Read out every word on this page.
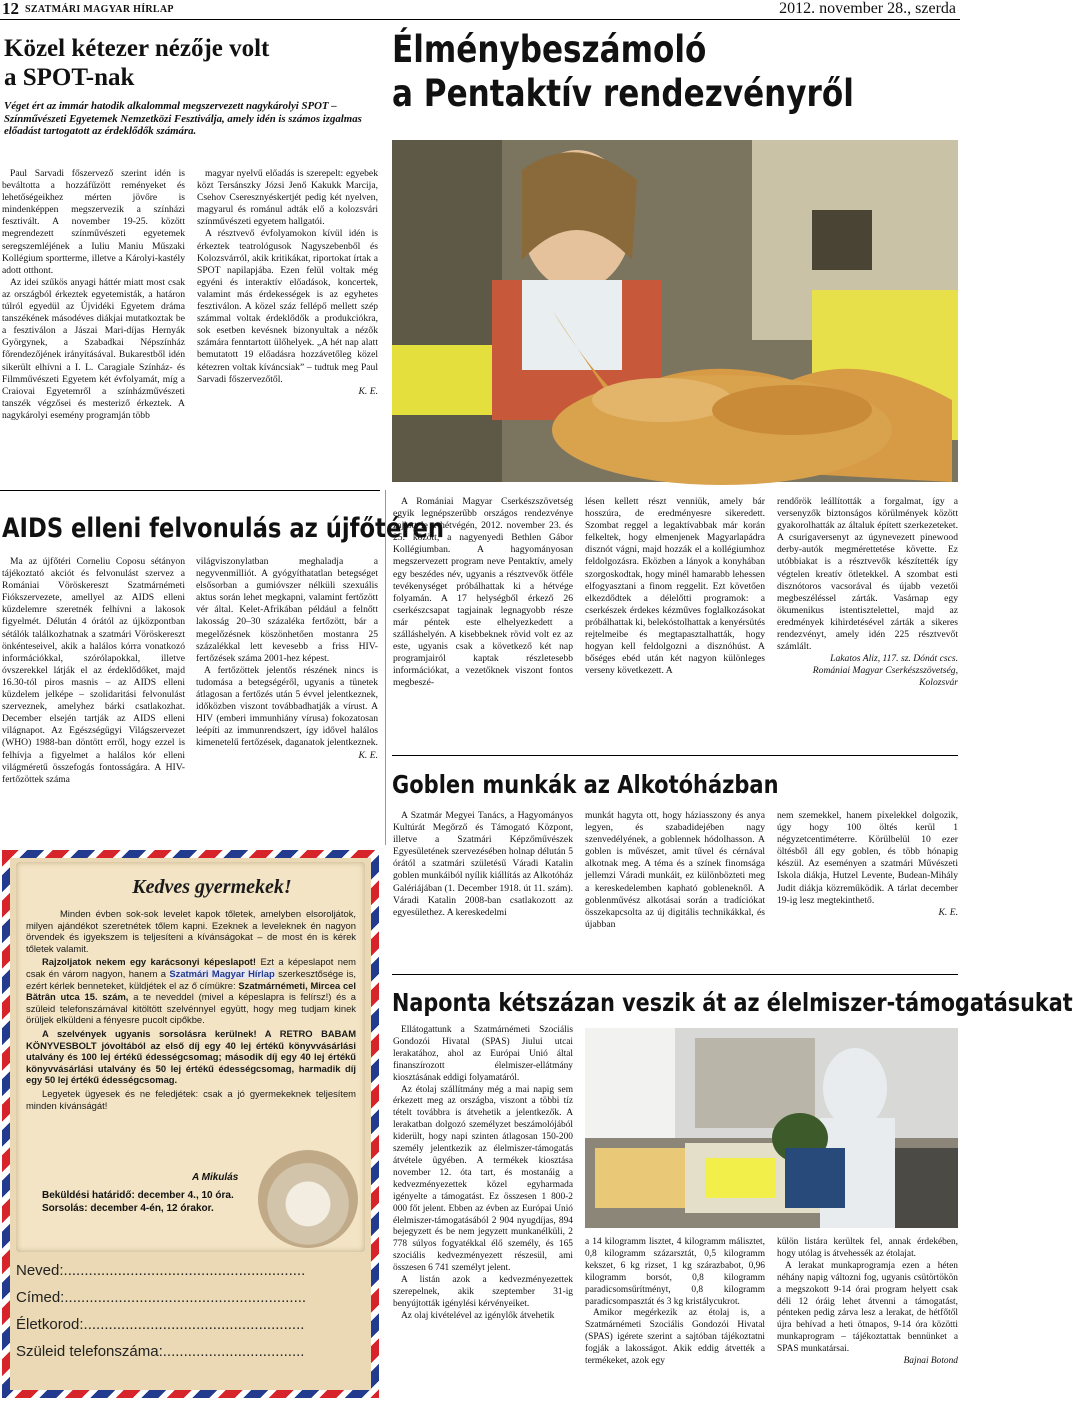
12 SZATMÁRI MAGYAR HÍRLAP	2012. november 28., szerda
Közel kétezer nézője volt
a SPOT-nak
Véget ért az immár hatodik alkalommal megszervezett nagykárolyi SPOT – Színművészeti Egyetemek Nemzetközi Fesztiválja, amely idén is számos izgalmas előadást tartogatott az érdeklődők számára.

Paul Sarvadi főszervező szerint idén is beváltotta a hozzáfűzött reményeket és lehetőségeikhez mérten jövőre is mindenképpen megszervezik a színházi fesztivált. A november 19-25. között megrendezett színművészeti egyetemek seregszemléjének a Iuliu Maniu Műszaki Kollégium sportterme, illetve a Károlyi-kastély adott otthont.

Az idei szűkös anyagi háttér miatt most csak az országból érkeztek egyetemisták, a határon túlról egyedül az Újvidéki Egyetem dráma tanszékének másodéves diákjai mutatkoztak be a fesztiválon a Jászai Mari-díjas Hernyák Györgynek, a Szabadkai Népszínház főrendezőjének irányításával. Bukarestből idén sikerült elhívni a I. L. Caragiale Színház- és Filmművészeti Egyetem két évfolyamát, míg a Craiovai Egyetemről a színházművészeti tanszék végzősei és mesteriző érkeztek. A nagykárolyi esemény programján több

magyar nyelvű előadás is szerepelt: egyebek közt Tersánszky Józsi Jenő Kakukk Marcija, Csehov Cseresznyéskertjét pedig két nyelven, magyarul és románul adták elő a kolozsvári színművészeti egyetem hallgatói.

A résztvevő évfolyamokon kívül idén is érkeztek teatrológusok Nagyszebenből és Kolozsvárról, akik kritikákat, riportokat írtak a SPOT napilapjába. Ezen felül voltak még egyéni és interaktív előadások, koncertek, valamint más érdekességek is az egyhetes fesztiválon. A közel száz fellépő mellett szép számmal voltak érdeklődők a produkciókra, sok esetben kevésnek bizonyultak a nézők számára fenntartott ülőhelyek. „A hét nap alatt bemutatott 19 előadásra hozzávetőleg közel kétezren voltak kíváncsiak” – tudtuk meg Paul Sarvadi főszervezőtől.

K. E.
Élménybeszámoló
a Pentaktív rendezvényről

A Romániai Magyar Cserkészszövetség egyik legnépszerűbb országos rendezvénye zajlott le a hétvégén, 2012. november 23. és 25. között, a nagyenyedi Bethlen Gábor Kollégiumban. A hagyományosan megszervezett program neve Pentaktív, amely egy beszédes név, ugyanis a résztvevők ötféle tevékenységet próbálhattak ki a hétvége folyamán. A 17 helységből érkező 26 cserkészcsapat tagjainak legnagyobb része már péntek este elhelyezkedett a szálláshelyén. A kisebbeknek rövid volt ez az este, ugyanis csak a következő két nap programjairól kaptak részletesebb információkat, a vezetőknek viszont fontos megbeszé-

lésen kellett részt venniük, amely bár hosszúra, de eredményesre sikeredett. Szombat reggel a legaktívabbak már korán felkeltek, hogy elmenjenek Magyarlapádra disznót vágni, majd hozzák el a kollégiumhoz feldolgozásra. Eközben a lányok a konyhában szorgoskodtak, hogy minél hamarabb lehessen elfogyasztani a finom reggelit. Ezt követően elkezdődtek a délelőtti programok: a cserkészek érdekes kézműves foglalkozásokat próbálhattak ki, belekóstolhattak a kenyérsütés rejtelmeibe és megtapasztalhatták, hogy hogyan kell feldolgozni a disznóhúst. A bőséges ebéd után két nagyon különleges verseny következett. A

rendőrök leállították a forgalmat, így a versenyzők biztonságos körülmények között gyakorolhatták az általuk épített szerkezeteket. A csurigaversenyt az úgynevezett pinewood derby-autók megmérettetése követte. Ez utóbbiakat is a résztvevők készítették így végtelen kreatív ötletekkel. A szombat esti disznótoros vacsorával és újabb vezetői megbeszéléssel zárták. Vasárnap egy ökumenikus istentisztelettel, majd az eredmények kihirdetésével zárták a sikeres rendezvényt, amely idén 225 résztvevőt számlált.

Lakatos Aliz, 117. sz. Dónát cscs.
Romániai Magyar Cserkészszövetség,
Kolozsvár
AIDS elleni felvonulás az újfőtéren

Ma az újfőtéri Corneliu Coposu sétányon tájékoztató akciót és felvonulást szervez a Romániai Vöröskereszt Szatmárnémeti Fiókszervezete, amellyel az AIDS elleni küzdelemre szeretnék felhívni a lakosok figyelmét. Délután 4 órától az újközpontban sétálók találkozhatnak a szatmári Vöröskereszt önkénteseivel, akik a halálos kórra vonatkozó információkkal, szórólapokkal, illetve óvszerekkel látják el az érdeklődőket, majd 16.30-tól piros masnis – az AIDS elleni küzdelem jelképe – szolidaritási felvonulást szerveznek, amelyhez bárki csatlakozhat. December elsején tartják az AIDS elleni világnapot. Az Egészségügyi Világszervezet (WHO) 1988-ban döntött erről, hogy ezzel is felhívja a figyelmet a halálos kór elleni világméretű összefogás fontosságára. A HIV-fertőzöttek száma

világviszonylatban meghaladja a negyvenmilliót. A gyógyíthatatlan betegséget elsősorban a gumióvszer nélküli szexuális aktus során lehet megkapni, valamint fertőzött vér által. Kelet-Afrikában például a felnőtt lakosság 20–30 százaléka fertőzött, bár a megelőzésnek köszönhetően mostanra 25 százalékkal lett kevesebb a friss HIV-fertőzések száma 2001-hez képest.

A fertőzöttek jelentős részének nincs is tudomása a betegségéről, ugyanis a tünetek átlagosan a fertőzés után 5 évvel jelentkeznek, időközben viszont továbbadhatják a vírust. A HIV (emberi immunhiány vírusa) fokozatosan leépíti az immunrendszert, így idővel halálos kimenetelű fertőzések, daganatok jelentkeznek.

K. E.
Kedves gyermekek!

Minden évben sok-sok levelet kapok tőletek, amelyben elsoroljátok, milyen ajándékot szeretnétek tőlem kapni. Ezeknek a leveleknek én nagyon örvendek és igyekszem is teljesíteni a kívánságokat – de most én is kérek tőletek valamit.

Rajzoljatok nekem egy karácsonyi képeslapot! Ezt a képeslapot nem csak én várom nagyon, hanem a Szatmári Magyar Hírlap szerkesztősége is, ezért kérlek benneteket, küldjétek el az ő címükre: Szatmárnémeti, Mircea cel Bătrân utca 15. szám, a te neveddel (mivel a képeslapra is felírsz!) és a szüleid telefonszámával kitöltött szelvénnyel együtt, hogy meg tudjam kinek örüljek elküldeni a fényesre pucolt cipőkbe.

A szelvények ugyanis sorsolásra kerülnek! A RETRO BABAM KÖNYVESBOLT jóvoltából az első díj egy 40 lej értékű könyvvásárlási utalvány és 100 lej értékű édességcsomag; második díj egy 40 lej értékű könyvvásárlási utalvány és 50 lej értékű édességcsomag, harmadik díj egy 50 lej értékű édességcsomag.

Legyetek ügyesek és ne feledjétek: csak a jó gyermekeknek teljesítem minden kívánságát!

A Mikulás
Beküldési határidő: december 4., 10 óra.
Sorsolás: december 4-én, 12 órakor.
Neved:..........................................................
Címed:..........................................................
Életkorod:.....................................................
Szüleid telefonszáma:..................................
Goblen munkák az Alkotóházban

A Szatmár Megyei Tanács, a Hagyományos Kultúrát Megőrző és Támogató Központ, illetve a Szatmári Képzőművészek Egyesületének szervezésében holnap délután 5 órától a szatmári születésű Váradi Katalin goblen munkáiból nyílik kiállítás az Alkotóház Galériájában (1. December 1918. út 11. szám). Váradi Katalin 2008-ban csatlakozott az egyesülethez. A kereskedelmi

munkát hagyta ott, hogy háziasszony és anya legyen, és szabadidejében nagy szenvedélyének, a goblennek hódolhasson. A goblen is művészet, amit tűvel és cérnával alkotnak meg. A téma és a színek finomsága jellemzi Váradi munkáit, ez különbözteti meg a kereskedelemben kapható gobleneknől. A goblenművész alkotásai során a tradíciókat összekapcsolta az új digitális technikákkal, és újabban

nem szemekkel, hanem pixelekkel dolgozik, úgy hogy 100 öltés kerül 1 négyzetcentiméterre. Körülbelül 10 ezer öltésből áll egy goblen, és több hónapig készül. Az eseményen a szatmári Művészeti Iskola diákja, Hutzel Levente, Budean-Mihály Judit diákja közreműködik. A tárlat december 19-ig lesz megtekinthető.

K. E.
Naponta kétszázan veszik át az élelmiszer-támogatásukat

Ellátogattunk a Szatmárnémeti Szociális Gondozói Hivatal (SPAS) Jiului utcai lerakatához, ahol az Európai Unió által finanszírozott élelmiszer-ellátmány kiosztásának eddigi folyamatáról.

Az étolaj szállítmány még a mai napig sem érkezett meg az országba, viszont a többi tíz tételt továbbra is átvehetik a jelentkezők. A lerakatban dolgozó személyzet beszámolójából kiderült, hogy napi szinten átlagosan 150-200 személy jelentkezik az élelmiszer-támogatás átvétele ügyében. A termékek kiosztása november 12. óta tart, és mostanáig a kedvezményezettek közel egyharmada igényelte a támogatást. Ez összesen 1 800-2 000 főt jelent. Ebben az évben az Európai Unió élelmiszer-támogatásából 2 904 nyugdíjas, 894 bejegyzett és be nem jegyzett munkanélküli, 2 778 súlyos fogyatékkal élő személy, és 165 szociális kedvezményezett részesül, ami összesen 6 741 személyt jelent.

A listán azok a kedvezményezettek szerepelnek, akik szeptember 31-ig benyújtották igénylési kérvényeiket.

Az olaj kivételével az igénylők átvehetik

a 14 kilogramm lisztet, 4 kilogramm málisztet, 0,8 kilogramm százarsztát, 0,5 kilogramm kekszet, 6 kg rizset, 1 kg szárazbabot, 0,96 kilogramm borsót, 0,8 kilogramm paradicsomsűrítményt, 0,8 kilogramm paradicsompasztát és 3 kg kristálycukrot.

Amikor megérkezik az étolaj is, a Szatmárnémeti Szociális Gondozói Hivatal (SPAS) igérete szerint a sajtóban tájékoztatni fogják a lakosságot. Akik eddig átvették a termékeket, azok egy

külön listára kerültek fel, annak érdekében, hogy utólag is átvehessék az étolajat.

A lerakat munkaprogramja ezen a héten néhány napig változni fog, ugyanis csütörtökön a megszokott 9-14 órai program helyett csak déli 12 óráig lehet átvenni a támogatást, pénteken pedig zárva lesz a lerakat, de hétfőtől újra behívad a heti ötnapos, 9-14 óra közötti munkaprogram – tájékoztattak bennünket a SPAS munkatársai.

Bajnai Botond
